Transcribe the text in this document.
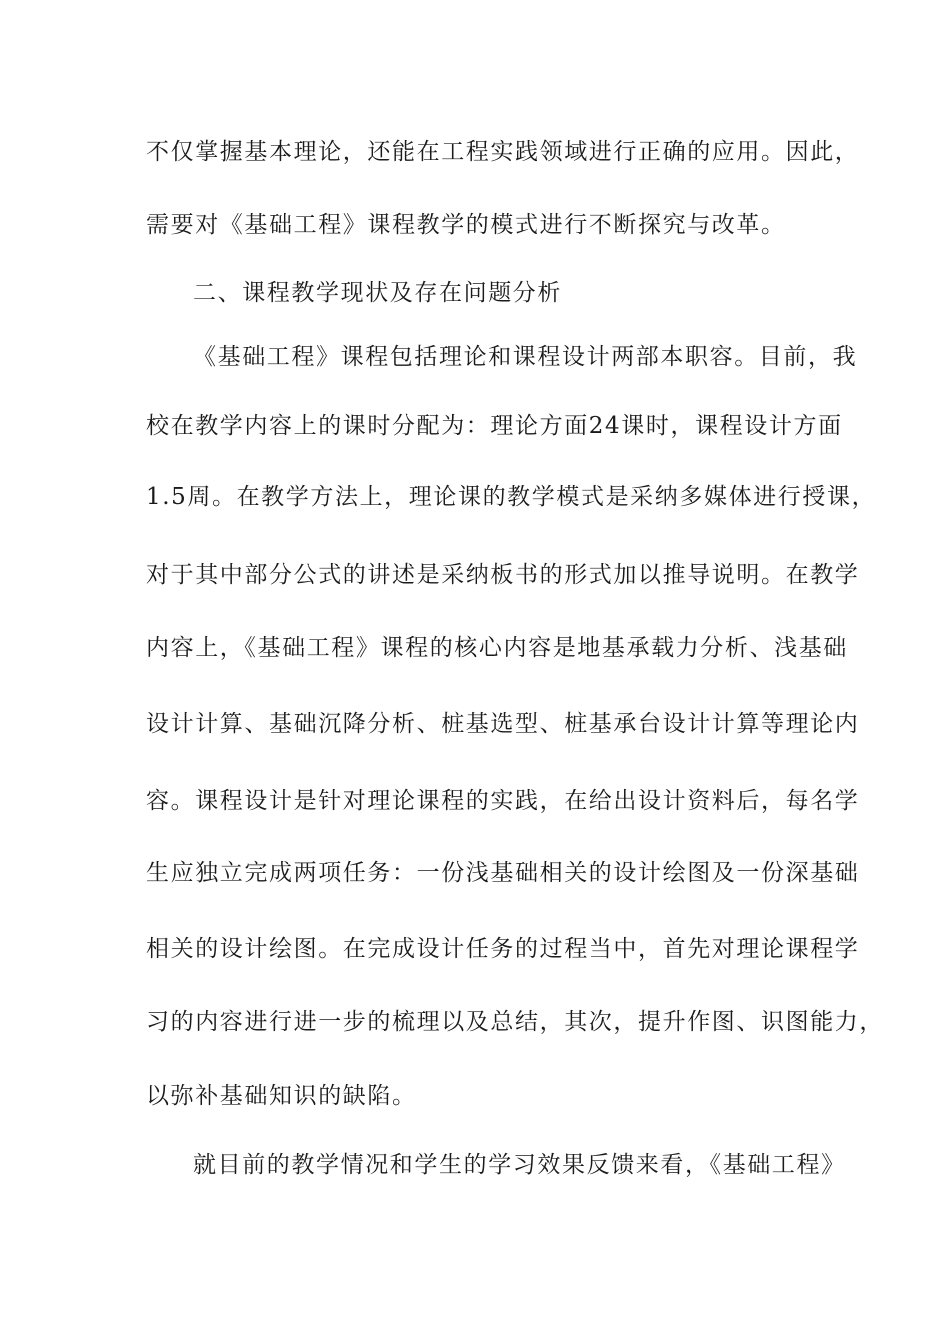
不仅掌握基本理论，还能在工程实践领域进行正确的应用。因此，
需要对《基础工程》课程教学的模式进行不断探究与改革。
二、课程教学现状及存在问题分析
《基础工程》课程包括理论和课程设计两部本职容。目前，我
校在教学内容上的课时分配为：理论方面24课时，课程设计方面
1.5周。在教学方法上，理论课的教学模式是采纳多媒体进行授课，
对于其中部分公式的讲述是采纳板书的形式加以推导说明。在教学
内容上，《基础工程》课程的核心内容是地基承载力分析、浅基础
设计计算、基础沉降分析、桩基选型、桩基承台设计计算等理论内
容。课程设计是针对理论课程的实践，在给出设计资料后，每名学
生应独立完成两项任务：一份浅基础相关的设计绘图及一份深基础
相关的设计绘图。在完成设计任务的过程当中，首先对理论课程学
习的内容进行进一步的梳理以及总结，其次，提升作图、识图能力，
以弥补基础知识的缺陷。
就目前的教学情况和学生的学习效果反馈来看，《基础工程》
